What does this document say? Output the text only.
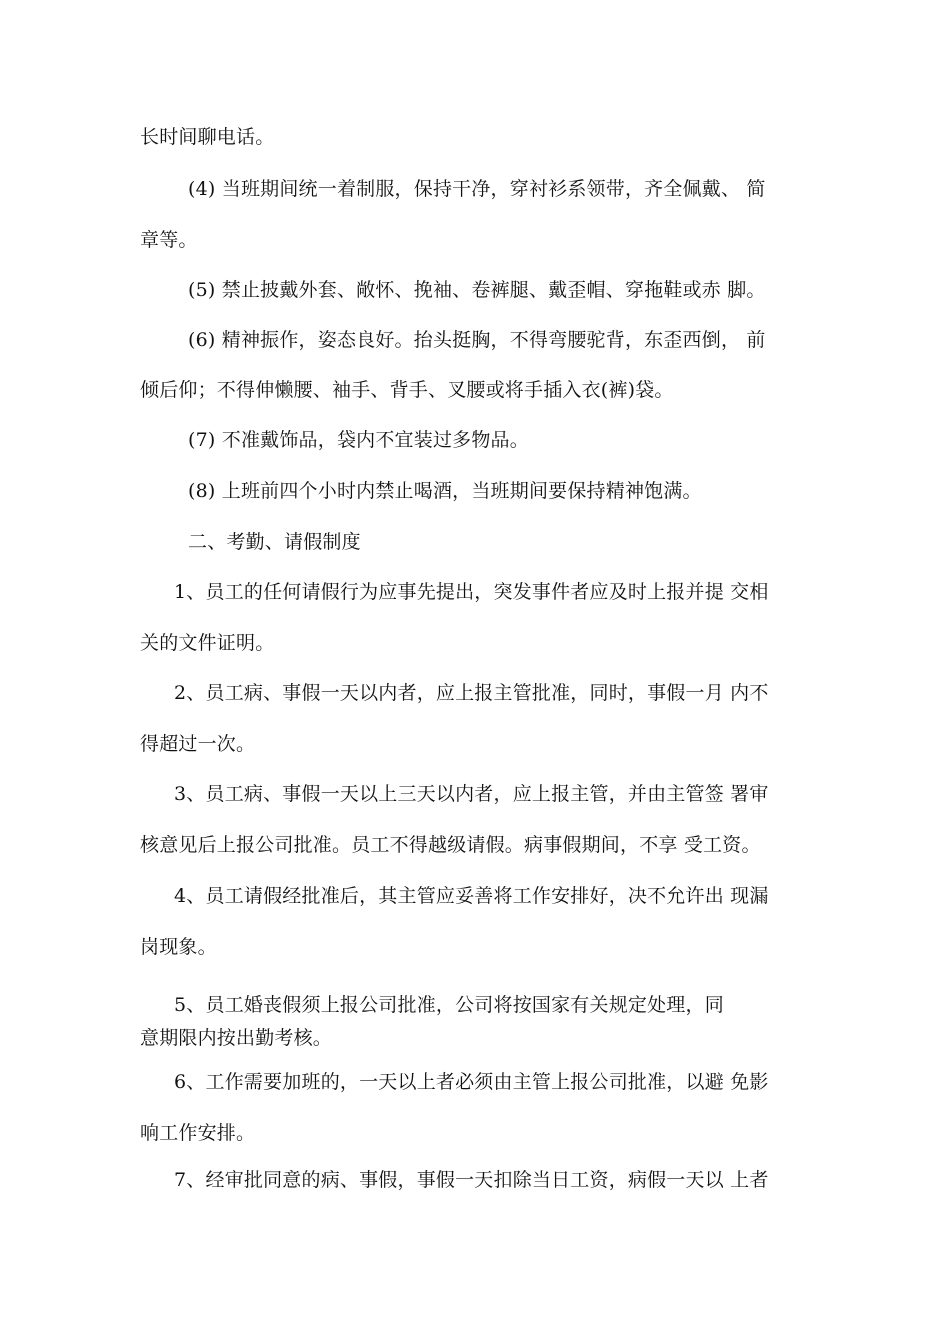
长时间聊电话。
(4) 当班期间统一着制服，保持干净，穿衬衫系领带，齐全佩戴、 简
章等。
(5) 禁止披戴外套、敞怀、挽袖、卷裤腿、戴歪帽、穿拖鞋或赤 脚。
(6) 精神振作，姿态良好。抬头挺胸，不得弯腰驼背，东歪西倒， 前
倾后仰；不得伸懒腰、袖手、背手、叉腰或将手插入衣(裤)袋。
(7) 不准戴饰品，袋内不宜装过多物品。
(8) 上班前四个小时内禁止喝酒，当班期间要保持精神饱满。
二、考勤、请假制度
1、员工的任何请假行为应事先提出，突发事件者应及时上报并提 交相
关的文件证明。
2、员工病、事假一天以内者，应上报主管批准，同时，事假一月 内不
得超过一次。
3、员工病、事假一天以上三天以内者，应上报主管，并由主管签 署审
核意见后上报公司批准。员工不得越级请假。病事假期间，不享 受工资。
4、员工请假经批准后，其主管应妥善将工作安排好，决不允许出 现漏
岗现象。
5、员工婚丧假须上报公司批准，公司将按国家有关规定处理，同
意期限内按出勤考核。
6、工作需要加班的，一天以上者必须由主管上报公司批准，以避 免影
响工作安排。
7、经审批同意的病、事假，事假一天扣除当日工资，病假一天以 上者
